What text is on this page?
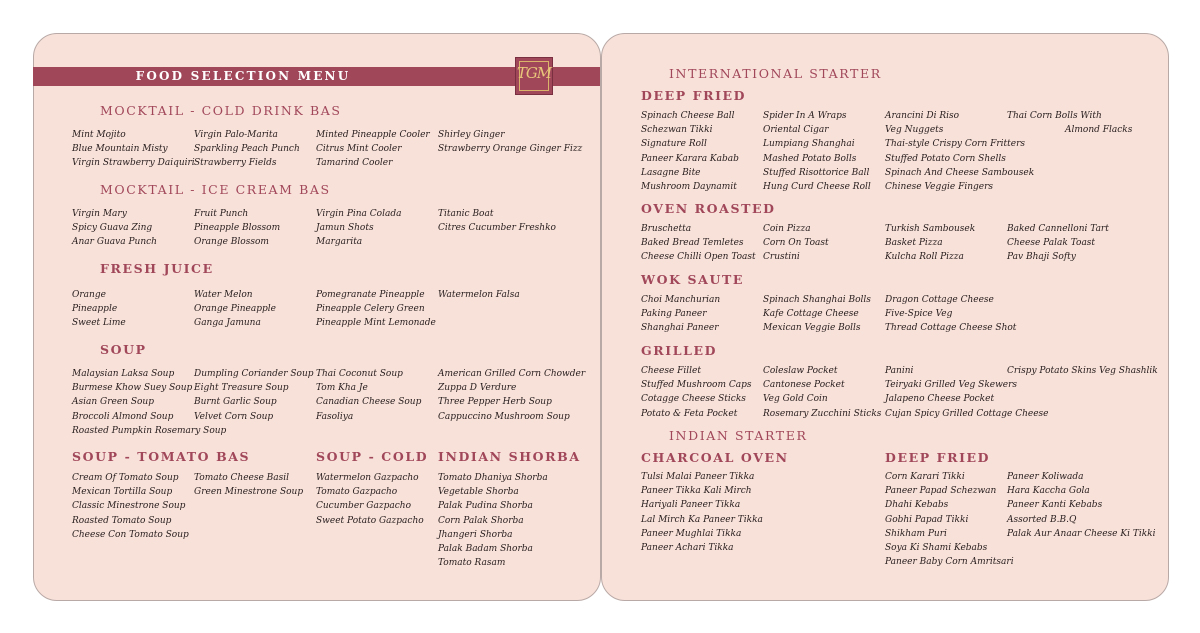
FOOD SELECTION MENU	TGM
MOCKTAIL - COLD DRINK BAS
Mint Mojito
Blue Mountain Misty
Virgin Strawberry Daiquiri
Virgin Palo-Marita
Sparkling Peach Punch
Strawberry Fields
Minted Pineapple Cooler
Citrus Mint Cooler
Tamarind Cooler
Shirley Ginger
Strawberry Orange Ginger Fizz
MOCKTAIL - ICE CREAM BAS
Virgin Mary
Spicy Guava Zing
Anar Guava Punch
Fruit Punch
Pineapple Blossom
Orange Blossom
Virgin Pina Colada
Jamun Shots
Margarita
Titanic Boat
Citres Cucumber Freshko
FRESH JUICE
Orange
Pineapple
Sweet Lime
Water Melon
Orange Pineapple
Ganga Jamuna
Pomegranate Pineapple
Pineapple Celery Green
Pineapple Mint Lemonade
Watermelon Falsa
SOUP
Malaysian Laksa Soup
Burmese Khow Suey Soup
Asian Green Soup
Broccoli Almond Soup
Roasted Pumpkin Rosemary Soup
Dumpling Coriander Soup
Eight Treasure Soup
Burnt Garlic Soup
Velvet Corn Soup
Thai Coconut Soup
Tom Kha Je
Canadian Cheese Soup
Fasoliya
American Grilled Corn Chowder
Zuppa D Verdure
Three Pepper Herb Soup
Cappuccino Mushroom Soup
SOUP - TOMATO BAS
Cream Of Tomato Soup
Mexican Tortilla Soup
Classic Minestrone Soup
Roasted Tomato Soup
Cheese Con Tomato Soup
Tomato Cheese Basil
Green Minestrone Soup
SOUP - COLD
Watermelon Gazpacho
Tomato Gazpacho
Cucumber Gazpacho
Sweet Potato Gazpacho
INDIAN SHORBA
Tomato Dhaniya Shorba
Vegetable Shorba
Palak Pudina Shorba
Corn Palak Shorba
Jhangeri Shorba
Palak Badam Shorba
Tomato Rasam
INTERNATIONAL STARTER
DEEP FRIED
Spinach Cheese Ball
Schezwan Tikki
Signature Roll
Paneer Karara Kabab
Lasagne Bite
Mushroom Daynamit
Spider In A Wraps
Oriental Cigar
Lumpiang Shanghai
Mashed Potato Bolls
Stuffed Risottorice Ball
Hung Curd Cheese Roll
Arancini Di Riso
Veg Nuggets
Thai-style Crispy Corn Fritters
Stuffed Potato Corn Shells
Spinach And Cheese Sambousek
Chinese Veggie Fingers
Thai Corn Bolls With
Almond Flacks
OVEN ROASTED
Bruschetta
Baked Bread Temletes
Cheese Chilli Open Toast
Coin Pizza
Corn On Toast
Crustini
Turkish Sambousek
Basket Pizza
Kulcha Roll Pizza
Baked Cannelloni Tart
Cheese Palak Toast
Pav Bhaji Softy
WOK SAUTE
Choi Manchurian
Paking Paneer
Shanghai Paneer
Spinach Shanghai Bolls
Kafe Cottage Cheese
Mexican Veggie Bolls
Dragon Cottage Cheese
Five-Spice Veg
Thread Cottage Cheese Shot
GRILLED
Cheese Fillet
Stuffed Mushroom Caps
Cotagge Cheese Sticks
Potato & Feta Pocket
Coleslaw Pocket
Cantonese Pocket
Veg Gold Coin
Rosemary Zucchini Sticks
Panini
Teiryaki Grilled Veg Skewers
Jalapeno Cheese Pocket
Cujan Spicy Grilled Cottage Cheese
Crispy Potato Skins Veg Shashlik
INDIAN STARTER
CHARCOAL OVEN
Tulsi Malai Paneer Tikka
Paneer Tikka Kali Mirch
Hariyali Paneer Tikka
Lal Mirch Ka Paneer Tikka
Paneer Mughlai Tikka
Paneer Achari Tikka
DEEP FRIED
Corn Karari Tikki
Paneer Papad Schezwan
Dhahi Kebabs
Gobhi Papad Tikki
Shikham Puri
Soya Ki Shami Kebabs
Paneer Baby Corn Amritsari
Paneer Koliwada
Hara Kaccha Gola
Paneer Kanti Kebabs
Assorted B.B.Q
Palak Aur Anaar Cheese Ki Tikki
